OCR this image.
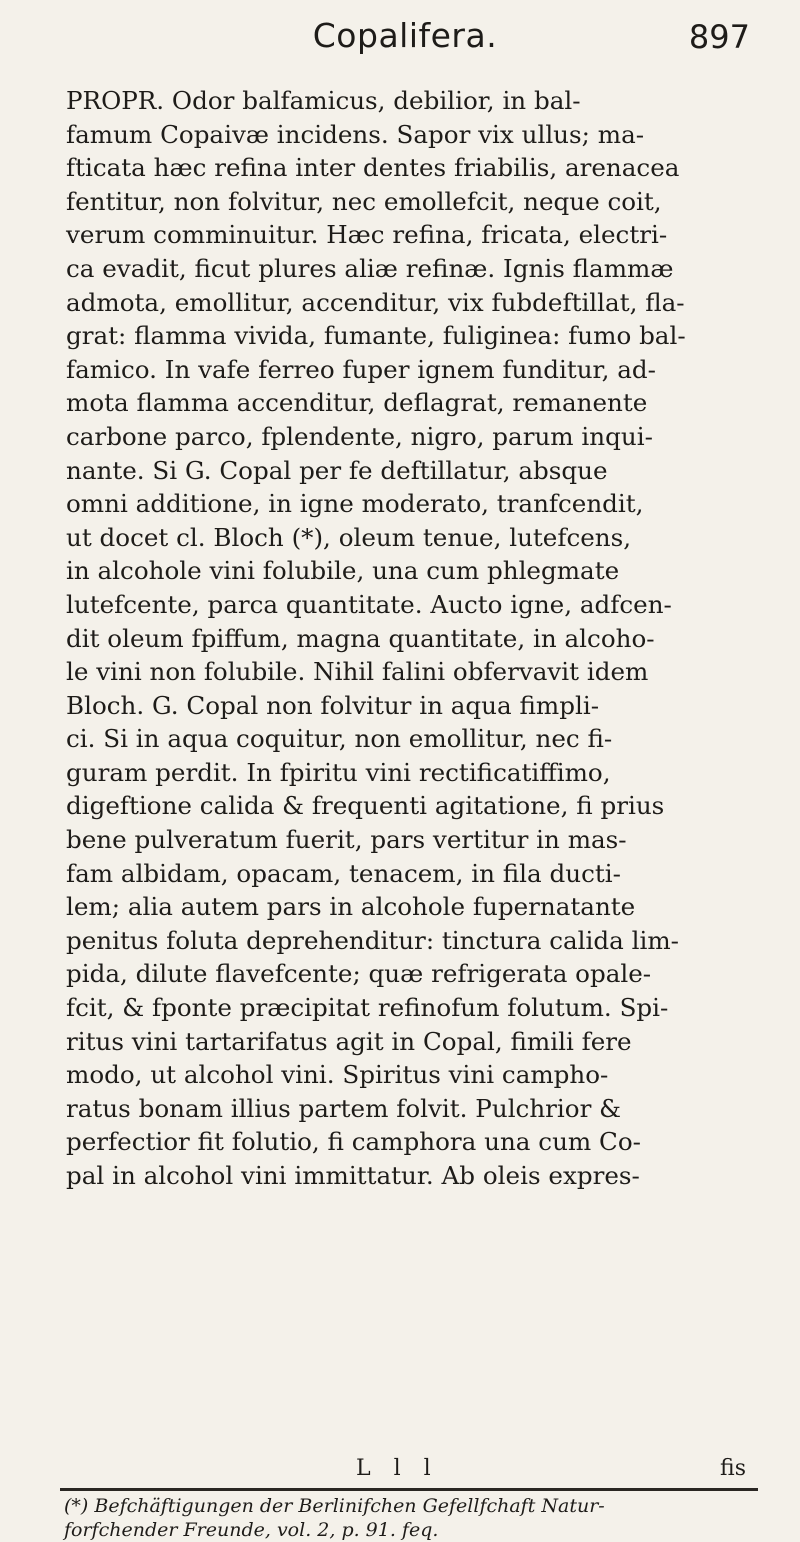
Copalifera.	897
PROPR. Odor balfamicus, debilior, in bal-
famum Copaivæ incidens. Sapor vix ullus; ma-
fticata hæc refina inter dentes friabilis, arenacea
fentitur, non folvitur, nec emollefcit, neque coit,
verum comminuitur. Hæc refina, fricata, electri-
ca evadit, ficut plures aliæ refinæ. Ignis flammæ
admota, emollitur, accenditur, vix fubdeftillat, fla-
grat: flamma vivida, fumante, fuliginea: fumo bal-
famico. In vafe ferreo fuper ignem funditur, ad-
mota flamma accenditur, deflagrat, remanente
carbone parco, fplendente, nigro, parum inqui-
nante. Si G. Copal per fe deftillatur, absque
omni additione, in igne moderato, tranfcendit,
ut docet cl. Bloch (*), oleum tenue, lutefcens,
in alcohole vini folubile, una cum phlegmate
lutefcente, parca quantitate. Aucto igne, adfcen-
dit oleum fpiffum, magna quantitate, in alcoho-
le vini non folubile. Nihil falini obfervavit idem
Bloch. G. Copal non folvitur in aqua fimpli-
ci. Si in aqua coquitur, non emollitur, nec fi-
guram perdit. In fpiritu vini rectificatiffimo,
digeftione calida & frequenti agitatione, fi prius
bene pulveratum fuerit, pars vertitur in mas-
fam albidam, opacam, tenacem, in fila ducti-
lem; alia autem pars in alcohole fupernatante
penitus foluta deprehenditur: tinctura calida lim-
pida, dilute flavefcente; quæ refrigerata opale-
fcit, & fponte præcipitat refinofum folutum. Spi-
ritus vini tartarifatus agit in Copal, fimili fere
modo, ut alcohol vini. Spiritus vini campho-
ratus bonam illius partem folvit. Pulchrior &
perfectior fit folutio, fi camphora una cum Co-
pal in alcohol vini immittatur. Ab oleis expres-
L l l	fis
(*) Befchäftigungen der Berlinifchen Gefellfchaft Natur-
forfchender Freunde, vol. 2, p. 91. feq.
